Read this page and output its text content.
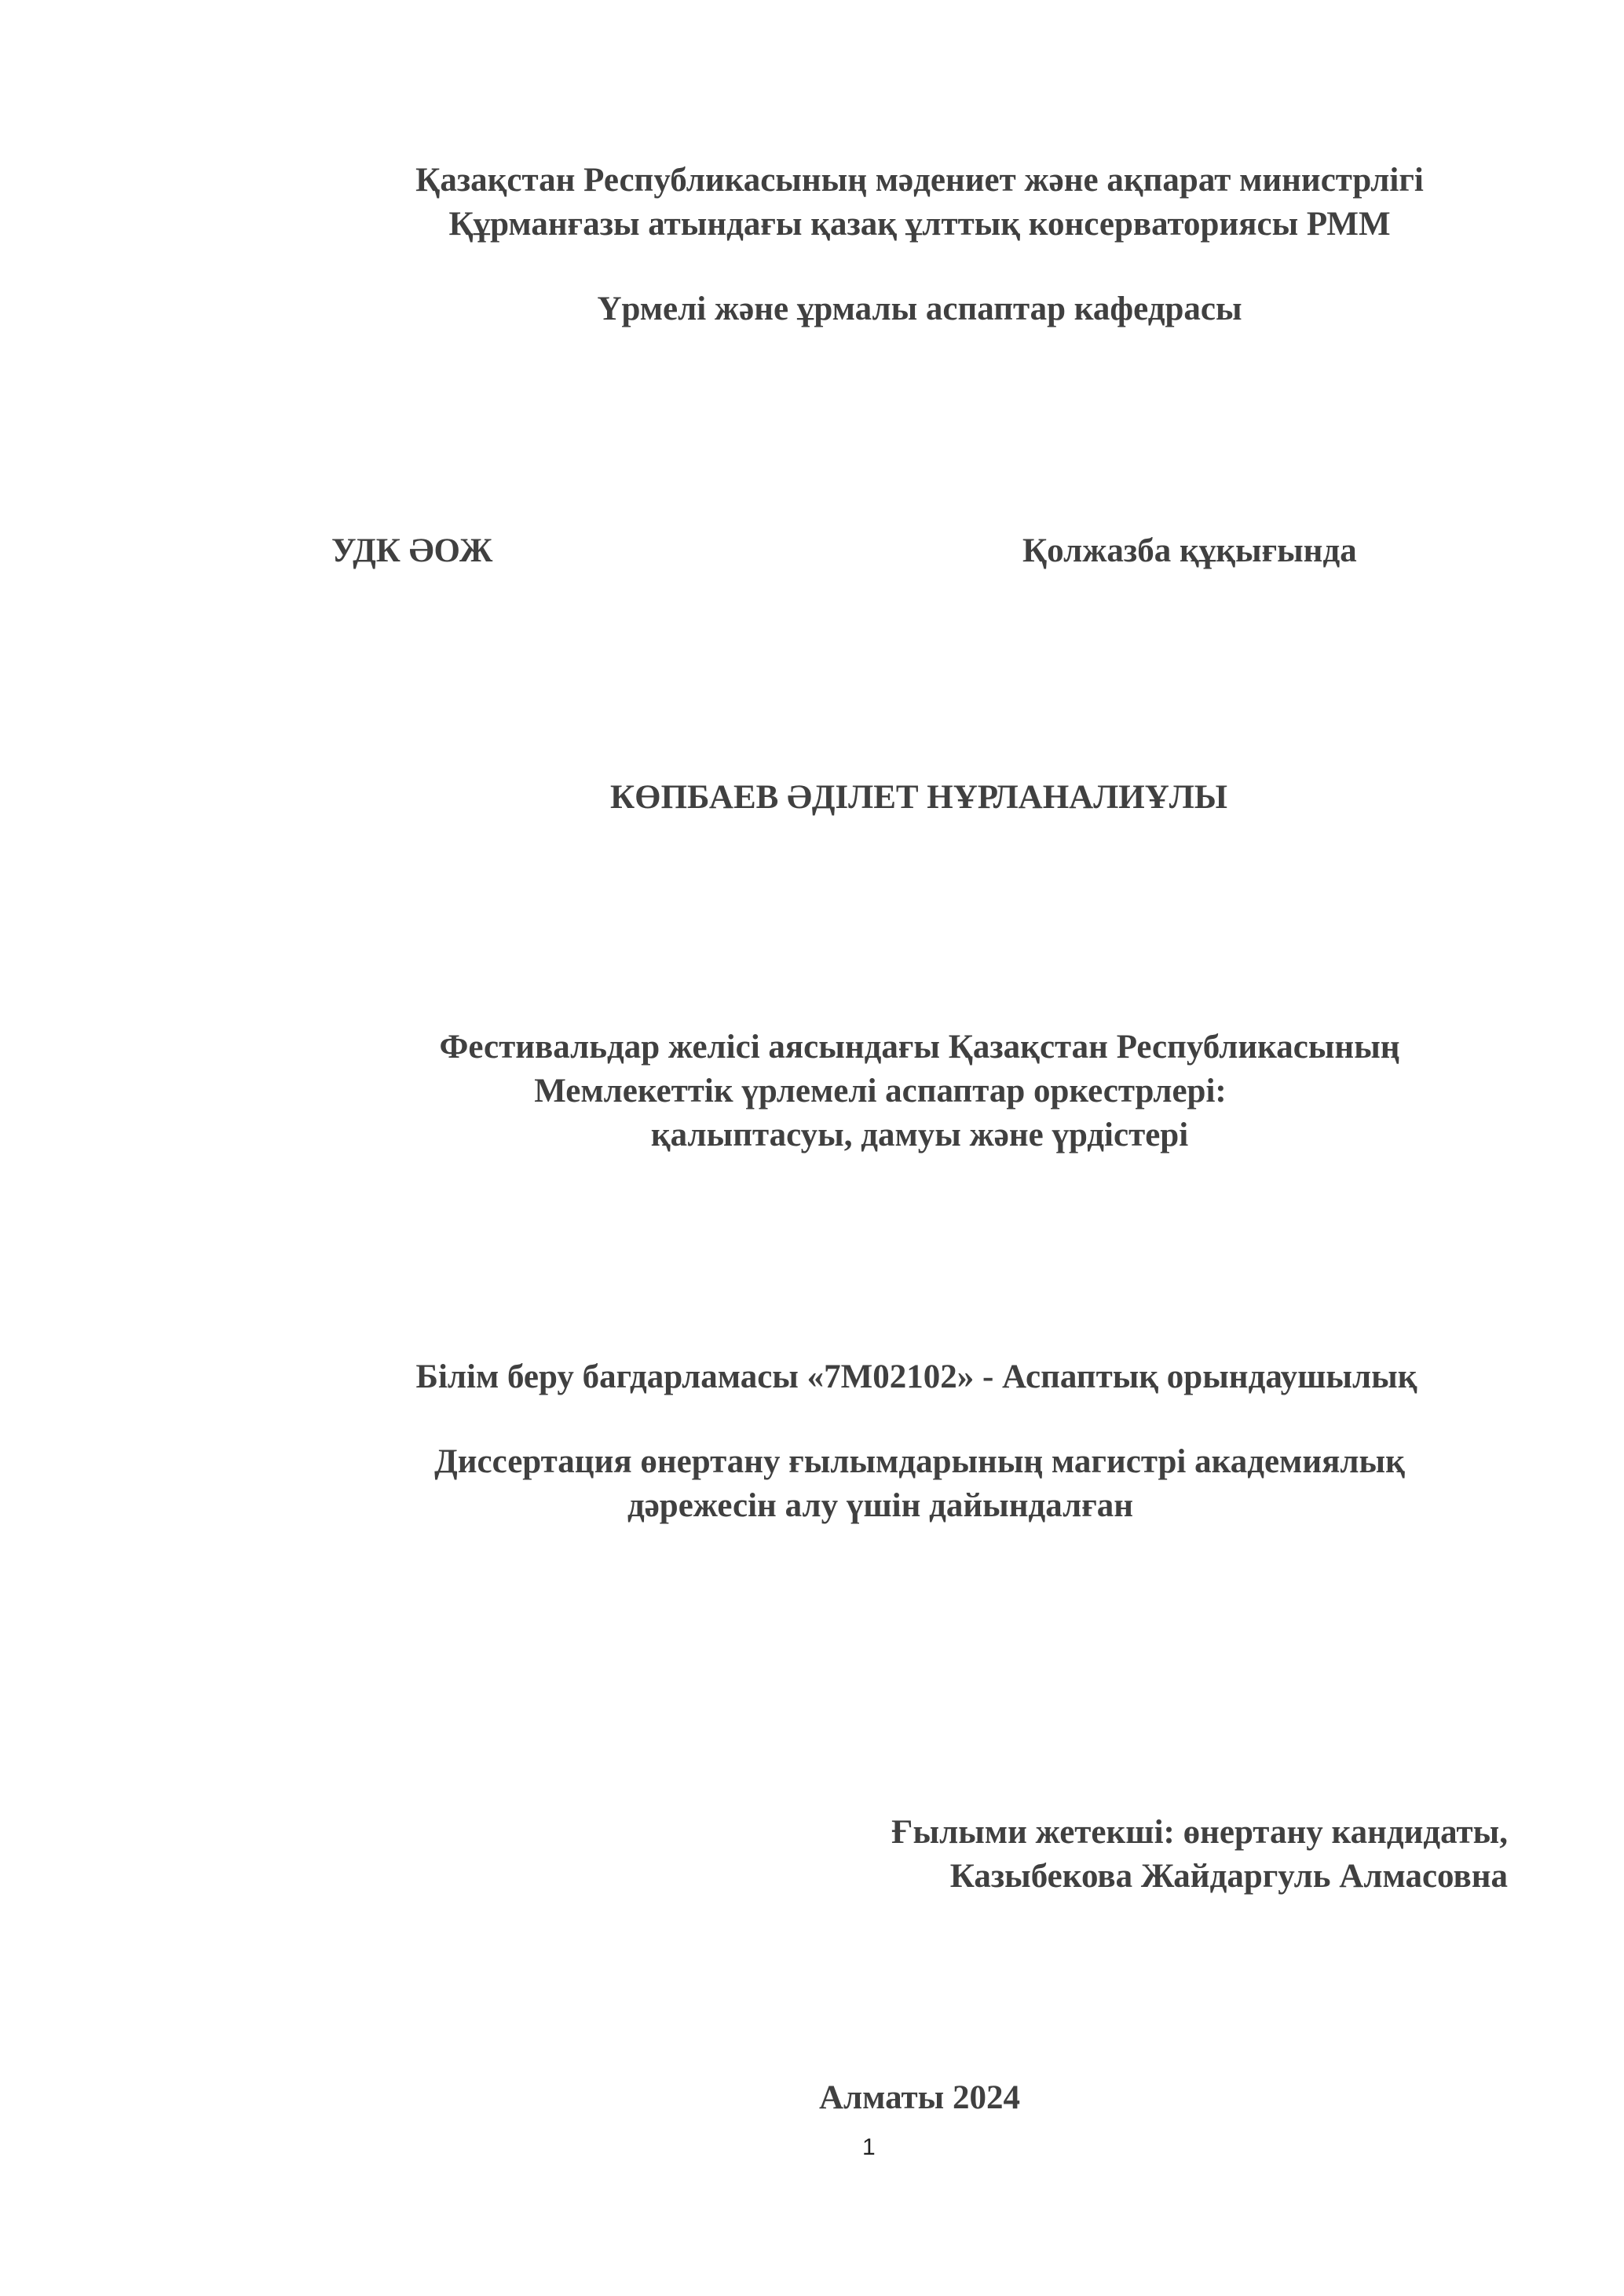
Қазақстан Республикасының мәдениет және ақпарат министрлігі
Құрманғазы атындағы қазақ ұлттық консерваториясы РММ
Үрмелі және ұрмалы аспаптар кафедрасы
УДК ӘОЖ	Қолжазба құқығында
КӨПБАЕВ ӘДІЛЕТ НҰРЛАНАЛИҰЛЫ
Фестивальдар желісі аясындағы Қазақстан Республикасының
Мемлекеттік үрлемелі аспаптар оркестрлері:
қалыптасуы, дамуы және үрдістері
Білім беру багдарламасы «7М02102» - Аспаптық орындаушылық
Диссертация өнертану ғылымдарының магистрі академиялық
дәрежесін алу үшін дайындалған
Ғылыми жетекші: өнертану кандидаты,
Казыбекова Жайдаргуль Алмасовна
Алматы 2024
1
